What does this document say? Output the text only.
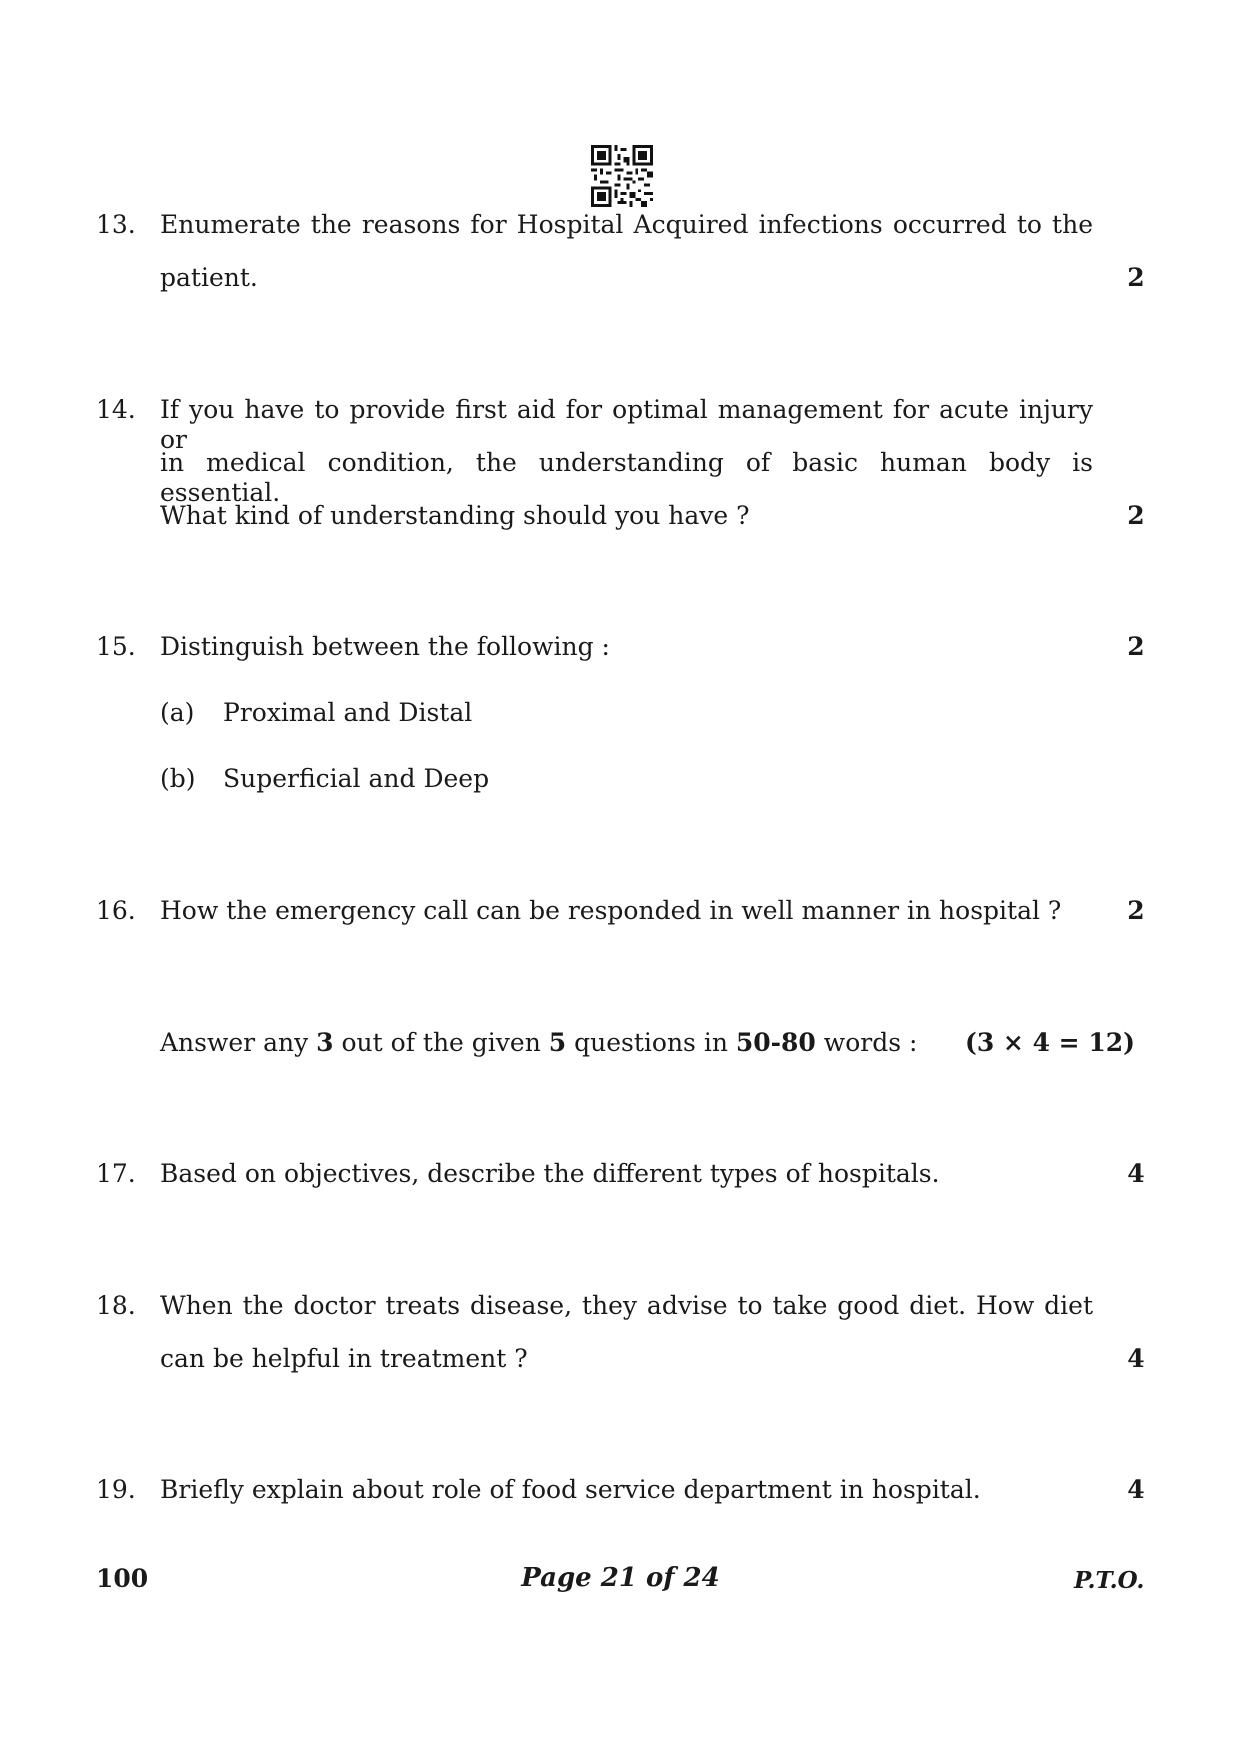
13. Enumerate the reasons for Hospital Acquired infections occurred to the
patient.	2
14. If you have to provide first aid for optimal management for acute injury or
in medical condition, the understanding of basic human body is essential.
What kind of understanding should you have ?	2
15. Distinguish between the following :	2
(a) Proximal and Distal
(b) Superficial and Deep
16. How the emergency call can be responded in well manner in hospital ?	2
Answer any 3 out of the given 5 questions in 50-80 words : (3 × 4 = 12)
17. Based on objectives, describe the different types of hospitals.	4
18. When the doctor treats disease, they advise to take good diet. How diet
can be helpful in treatment ?	4
19. Briefly explain about role of food service department in hospital.	4
100	Page 21 of 24	P.T.O.
